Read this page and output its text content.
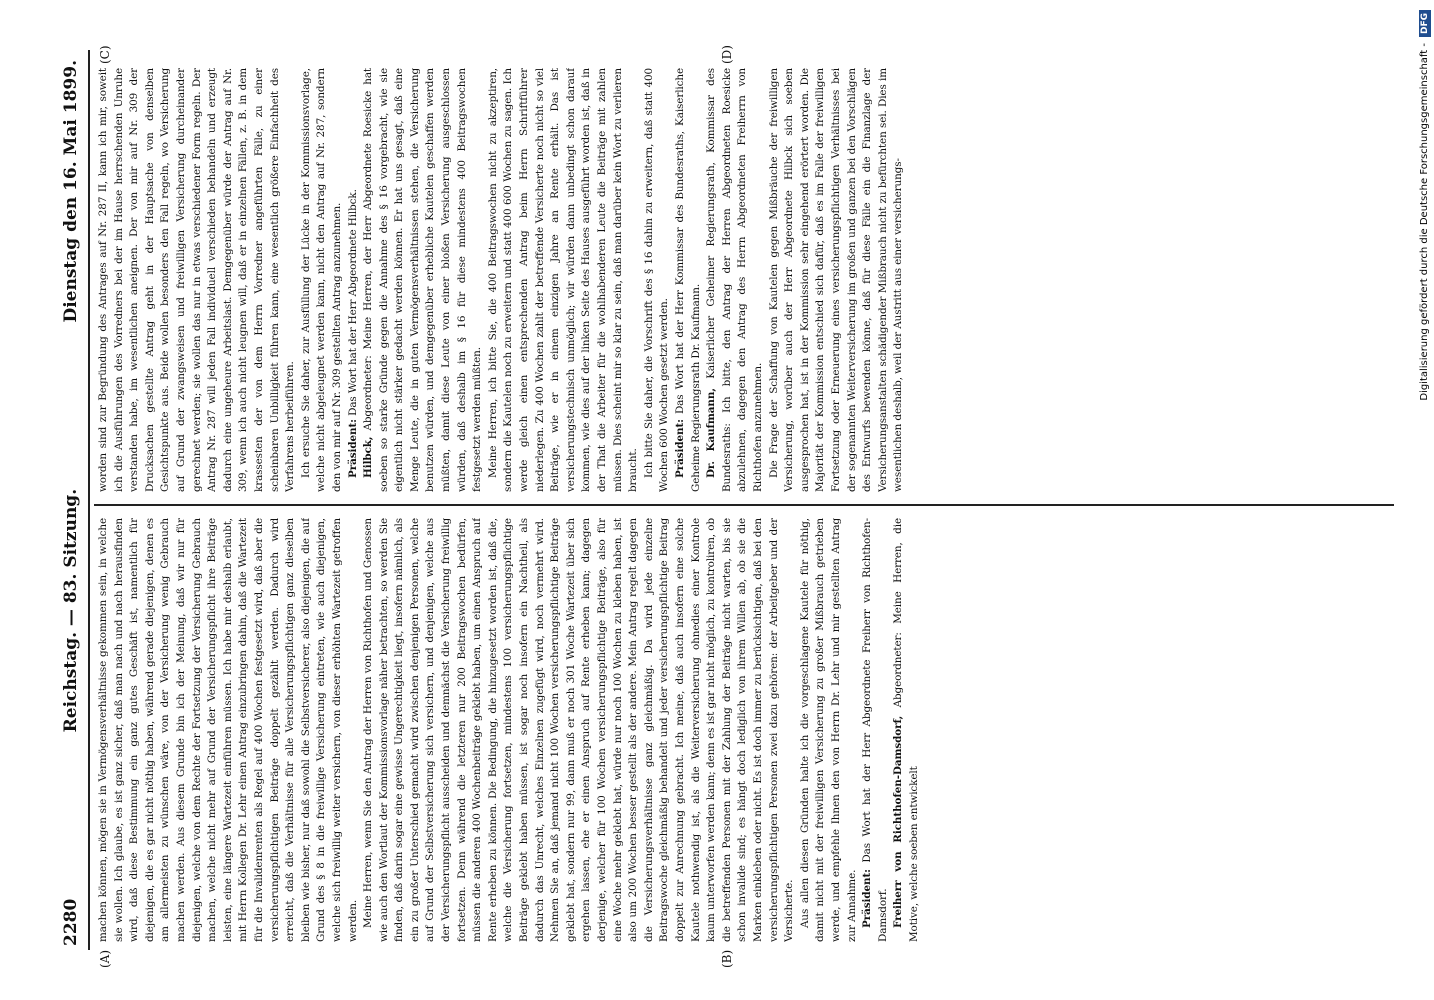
2280
Reichstag. — 83. Sitzung.
Dienstag den 16. Mai 1899.
(A)	(B)
(C)	(D)

machen können, mögen sie in Vermögensverhältnisse gekommen sein, in welche sie wollen. Ich glaube, es ist ganz sicher, daß man nach und nach herausfinden wird, daß diese Bestimmung ein ganz gutes Geschäft ist, namentlich für diejenigen, die es gar nicht nöthig haben, während gerade diejenigen, denen es am allermeisten zu wünschen wäre, von der Versicherung wenig Gebrauch machen werden. Aus diesem Grunde bin ich der Meinung, daß wir nur für diejenigen, welche von dem Rechte der Fortsetzung der Versicherung Gebrauch machen, welche nicht mehr auf Grund der Versicherungspflicht ihre Beiträge leisten, eine längere Wartezeit einführen müssen. Ich habe mir deshalb erlaubt, mit Herrn Kollegen Dr. Lehr einen Antrag einzubringen dahin, daß die Wartezeit für die Invalidenrenten als Regel auf 400 Wochen festgesetzt wird, daß aber die versicherungspflichtigen Beiträge doppelt gezählt werden. Dadurch wird erreicht, daß die Verhältnisse für alle Versicherungspflichtigen ganz dieselben bleiben wie bisher, nur daß sowohl die Selbstversicherer, also diejenigen, die auf Grund des § 8 in die freiwillige Versicherung eintreten, wie auch diejenigen, welche sich freiwillig weiter versichern, von dieser erhöhten Wartezeit getroffen werden. Meine Herren, wenn Sie den Antrag der Herren von Richthofen und Genossen wie auch den Wortlaut der Kommissionsvorlage näher betrachten, so werden Sie finden, daß darin sogar eine gewisse Ungerechtigkeit liegt, insofern nämlich, als ein zu großer Unterschied gemacht wird zwischen denjenigen Personen, welche auf Grund der Selbstversicherung sich versichern, und denjenigen, welche aus der Versicherungspflicht ausscheiden und demnächst die Versicherung freiwillig fortsetzen. Denn während die letzteren nur 200 Beitragswochen bedürfen, müssen die anderen 400 Wochenbeiträge geklebt haben, um einen Anspruch auf Rente erheben zu können. Die Bedingung, die hinzugesetzt worden ist, daß die, welche die Versicherung fortsetzen, mindestens 100 versicherungspflichtige Beiträge geklebt haben müssen, ist sogar noch insofern ein Nachtheil, als dadurch das Unrecht, welches Einzelnen zugefügt wird, noch vermehrt wird. Nehmen Sie an, daß jemand nicht 100 Wochen versicherungspflichtige Beiträge geklebt hat, sondern nur 99, dann muß er noch 301 Woche Wartezeit über sich ergehen lassen, ehe er einen Anspruch auf Rente erheben kann; dagegen derjenige, welcher für 100 Wochen versicherungspflichtige Beiträge, also für eine Woche mehr geklebt hat, würde nur noch 100 Wochen zu kleben haben, ist also um 200 Wochen besser gestellt als der andere. Mein Antrag regelt dagegen die Versicherungsverhältnisse ganz gleichmäßig. Da wird jede einzelne Beitragswoche gleichmäßig behandelt und jeder versicherungspflichtige Beitrag doppelt zur Anrechnung gebracht. Ich meine, daß auch insofern eine solche Kautele nothwendig ist, als die Weiterversicherung ohnedies einer Kontrole kaum unterworfen werden kann; denn es ist gar nicht möglich, zu kontroliren, ob die betreffenden Personen mit der Zahlung der Beiträge nicht warten, bis sie schon invalide sind; es hängt doch lediglich von ihrem Willen ab, ob sie die Marken einkleben oder nicht. Es ist doch immer zu berücksichtigen, daß bei den versicherungspflichtigen Personen zwei dazu gehören: der Arbeitgeber und der Versicherte. Aus allen diesen Gründen halte ich die vorgeschlagene Kautele für nöthig, damit nicht mit der freiwilligen Versicherung zu großer Mißbrauch getrieben werde, und empfehle Ihnen den von Herrn Dr. Lehr und mir gestellten Antrag zur Annahme. Präsident: Das Wort hat der Herr Abgeordnete Freiherr von Richthofen-Damsdorf. Freiherr von Richthofen-Damsdorf, Abgeordneter: Meine Herren, die Motive, welche soeben entwickelt

worden sind zur Begründung des Antrages auf Nr. 287 II, kann ich mir, soweit ich die Ausführungen des Vorredners bei der im Hause herrschenden Unruhe verstanden habe, im wesentlichen aneignen. Der von mir auf Nr. 309 der Drucksachen gestellte Antrag geht in der Hauptsache von denselben Gesichtspunkte aus. Beide wollen besonders den Fall regeln, wo Versicherung auf Grund der zwangsweisen und freiwilligen Versicherung durcheinander gerechnet werden; sie wollen das nur in etwas verschiedener Form regeln. Der Antrag Nr. 287 will jeden Fall individuell verschieden behandeln und erzeugt dadurch eine ungeheure Arbeitslast. Demgegenüber würde der Antrag auf Nr. 309, wenn ich auch nicht leugnen will, daß er in einzelnen Fällen, z. B. in dem krassesten der von dem Herrn Vorredner angeführten Fälle, zu einer scheinbaren Unbilligkeit führen kann, eine wesentlich größere Einfachheit des Verfahrens herbeiführen. Ich ersuche Sie daher, zur Ausfüllung der Lücke in der Kommissionsvorlage, welche nicht abgeleugnet werden kann, nicht den Antrag auf Nr. 287, sondern den von mir auf Nr. 309 gestellten Antrag anzunehmen. Präsident: Das Wort hat der Herr Abgeordnete Hilbck.

Hilbck, Abgeordneter: Meine Herren, der Herr Abgeordnete Roesicke hat soeben so starke Gründe gegen die Annahme des § 16 vorgebracht, wie sie eigentlich nicht stärker gedacht werden können. Er hat uns gesagt, daß eine Menge Leute, die in guten Vermögensverhältnissen stehen, die Versicherung benutzen würden, und demgegenüber erhebliche Kautelen geschaffen werden müßten, damit diese Leute von einer bloßen Versicherung ausgeschlossen würden, daß deshalb im § 16 für diese mindestens 400 Beitragswochen festgesetzt werden müßten. Meine Herren, ich bitte Sie, die 400 Beitragswochen nicht zu akzeptiren, sondern die Kautelen noch zu erweitern und statt 400 600 Wochen zu sagen. Ich werde gleich einen entsprechenden Antrag beim Herrn Schriftführer niederlegen. Zu 400 Wochen zahlt der betreffende Versicherte noch nicht so viel Beiträge, wie er in einem einzigen Jahre an Rente erhält. Das ist versicherungstechnisch unmöglich; wir würden dann unbedingt schon darauf kommen, wie dies auf der linken Seite des Hauses ausgeführt worden ist, daß in der That die Arbeiter für die wohlhabenderen Leute die Beiträge mit zahlen müssen. Dies scheint mir so klar zu sein, daß man darüber kein Wort zu verlieren braucht. Ich bitte Sie daher, die Vorschrift des § 16 dahin zu erweitern, daß statt 400 Wochen 600 Wochen gesetzt werden. Präsident: Das Wort hat der Herr Kommissar des Bundesraths, Kaiserliche Geheime Regierungsrath Dr. Kaufmann. Dr. Kaufmann, Kaiserlicher Geheimer Regierungsrath, Kommissar des Bundesraths: Ich bitte, den Antrag der Herren Abgeordneten Roesicke abzulehnen, dagegen den Antrag des Herrn Abgeordneten Freiherrn von Richthofen anzunehmen. Die Frage der Schaffung von Kautelen gegen Mißbräuche der freiwilligen Versicherung, worüber auch der Herr Abgeordnete Hilbck sich soeben ausgesprochen hat, ist in der Kommission sehr eingehend erörtert worden. Die Majorität der Kommission entschied sich dafür, daß es im Falle der freiwilligen Fortsetzung oder Erneuerung eines versicherungspflichtigen Verhältnisses bei der sogenannten Weiterversicherung im großen und ganzen bei den Vorschlägen des Entwurfs bewenden könne, daß für diese Fälle ein die Finanzlage der Versicherungsanstalten schädigender Mißbrauch nicht zu befürchten sei. Dies im wesentlichen deshalb, weil der Austritt aus einer versicherungs-	Digitalisierung gefördert durch die Deutsche Forschungsgemeinschaft -
DFG
